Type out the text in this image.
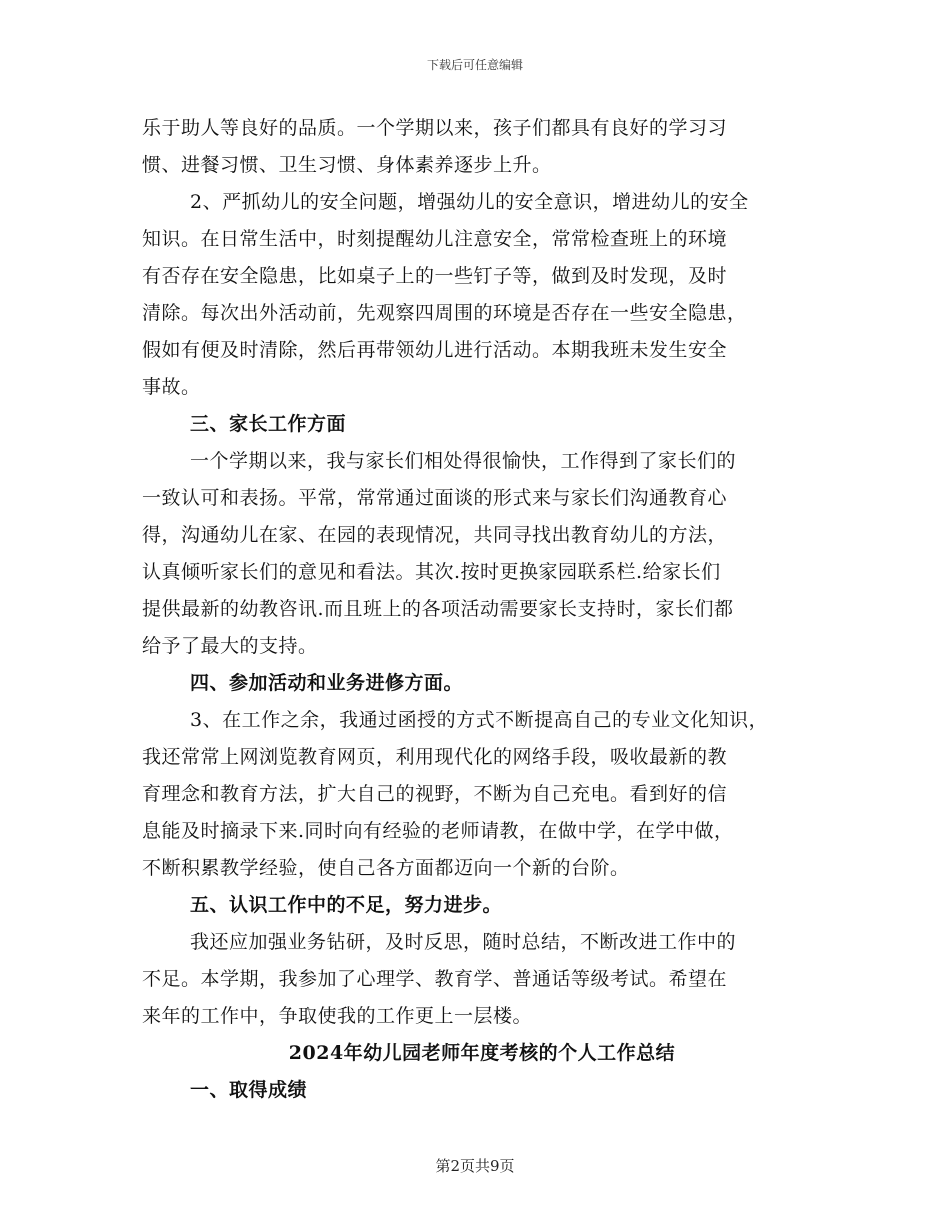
下载后可任意编辑
乐于助人等良好的品质。一个学期以来，孩子们都具有良好的学习习
惯、进餐习惯、卫生习惯、身体素养逐步上升。
2、严抓幼儿的安全问题，增强幼儿的安全意识，增进幼儿的安全
知识。在日常生活中，时刻提醒幼儿注意安全，常常检查班上的环境
有否存在安全隐患，比如桌子上的一些钉子等，做到及时发现，及时
清除。每次出外活动前，先观察四周围的环境是否存在一些安全隐患，
假如有便及时清除，然后再带领幼儿进行活动。本期我班未发生安全
事故。
三、家长工作方面
一个学期以来，我与家长们相处得很愉快，工作得到了家长们的
一致认可和表扬。平常，常常通过面谈的形式来与家长们沟通教育心
得，沟通幼儿在家、在园的表现情况，共同寻找出教育幼儿的方法，
认真倾听家长们的意见和看法。其次.按时更换家园联系栏.给家长们
提供最新的幼教咨讯.而且班上的各项活动需要家长支持时，家长们都
给予了最大的支持。
四、参加活动和业务进修方面。
3、在工作之余，我通过函授的方式不断提高自己的专业文化知识，
我还常常上网浏览教育网页，利用现代化的网络手段，吸收最新的教
育理念和教育方法，扩大自己的视野，不断为自己充电。看到好的信
息能及时摘录下来.同时向有经验的老师请教，在做中学，在学中做，
不断积累教学经验，使自己各方面都迈向一个新的台阶。
五、认识工作中的不足，努力进步。
我还应加强业务钻研，及时反思，随时总结，不断改进工作中的
不足。本学期，我参加了心理学、教育学、普通话等级考试。希望在
来年的工作中，争取使我的工作更上一层楼。
2024年幼儿园老师年度考核的个人工作总结
一、取得成绩
第2页共9页
